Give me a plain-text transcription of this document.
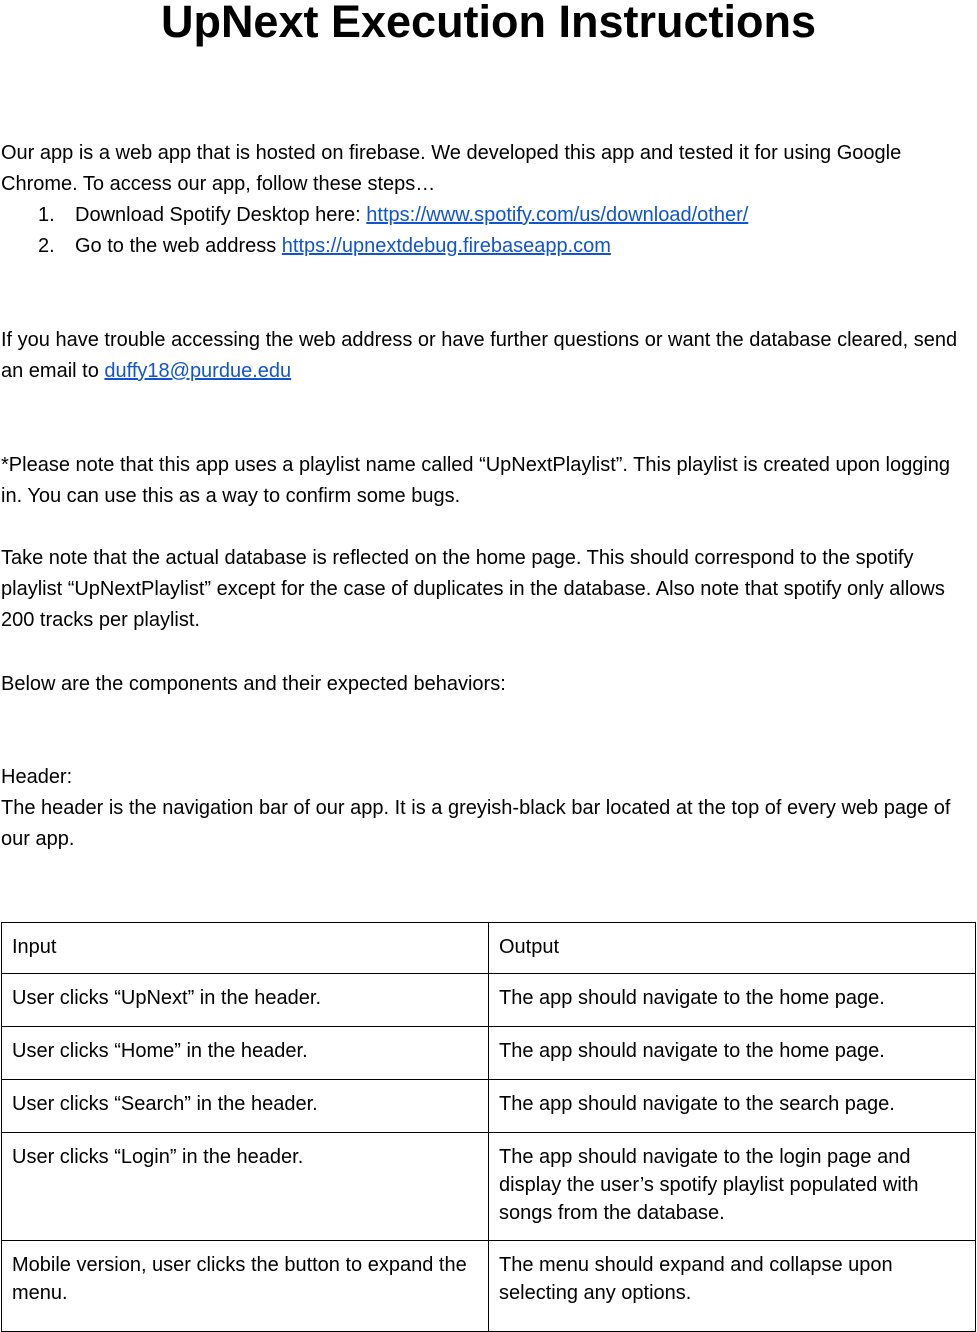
UpNext Execution Instructions

Our app is a web app that is hosted on firebase. We developed this app and tested it for using Google Chrome. To access our app, follow these steps…

1. Download Spotify Desktop here: https://www.spotify.com/us/download/other/
2. Go to the web address https://upnextdebug.firebaseapp.com

If you have trouble accessing the web address or have further questions or want the database cleared, send an email to duffy18@purdue.edu

*Please note that this app uses a playlist name called “UpNextPlaylist”. This playlist is created upon logging in. You can use this as a way to confirm some bugs.

Take note that the actual database is reflected on the home page. This should correspond to the spotify playlist “UpNextPlaylist” except for the case of duplicates in the database. Also note that spotify only allows 200 tracks per playlist.

Below are the components and their expected behaviors:

Header:

The header is the navigation bar of our app. It is a greyish-black bar located at the top of every web page of our app.

Input	Output
User clicks “UpNext” in the header.	The app should navigate to the home page.
User clicks “Home” in the header.	The app should navigate to the home page.
User clicks “Search” in the header.	The app should navigate to the search page.
User clicks “Login” in the header.	The app should navigate to the login page and display the user’s spotify playlist populated with songs from the database.
Mobile version, user clicks the button to expand the menu.	The menu should expand and collapse upon selecting any options.
